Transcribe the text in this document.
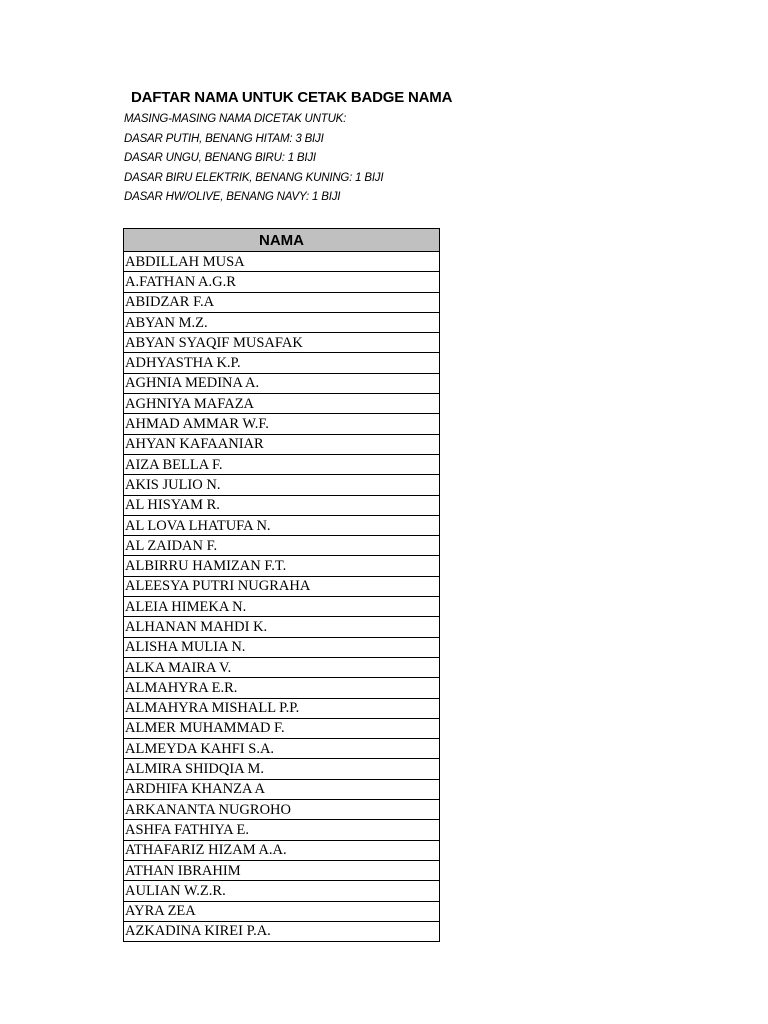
DAFTAR NAMA UNTUK CETAK BADGE NAMA
MASING-MASING NAMA DICETAK UNTUK:
DASAR PUTIH, BENANG HITAM: 3 BIJI
DASAR UNGU, BENANG BIRU: 1 BIJI
DASAR BIRU ELEKTRIK, BENANG KUNING: 1 BIJI
DASAR HW/OLIVE, BENANG NAVY: 1 BIJI
NAMA
ABDILLAH MUSA
A.FATHAN A.G.R
ABIDZAR F.A
ABYAN M.Z.
ABYAN SYAQIF MUSAFAK
ADHYASTHA K.P.
AGHNIA MEDINA A.
AGHNIYA MAFAZA
AHMAD AMMAR W.F.
AHYAN KAFAANIAR
AIZA BELLA F.
AKIS JULIO N.
AL HISYAM R.
AL LOVA LHATUFA N.
AL ZAIDAN F.
ALBIRRU HAMIZAN F.T.
ALEESYA PUTRI NUGRAHA
ALEIA HIMEKA N.
ALHANAN MAHDI K.
ALISHA MULIA N.
ALKA MAIRA V.
ALMAHYRA E.R.
ALMAHYRA MISHALL P.P.
ALMER MUHAMMAD F.
ALMEYDA KAHFI S.A.
ALMIRA SHIDQIA M.
ARDHIFA KHANZA A
ARKANANTA NUGROHO
ASHFA FATHIYA E.
ATHAFARIZ HIZAM A.A.
ATHAN IBRAHIM
AULIAN W.Z.R.
AYRA ZEA
AZKADINA KIREI P.A.
